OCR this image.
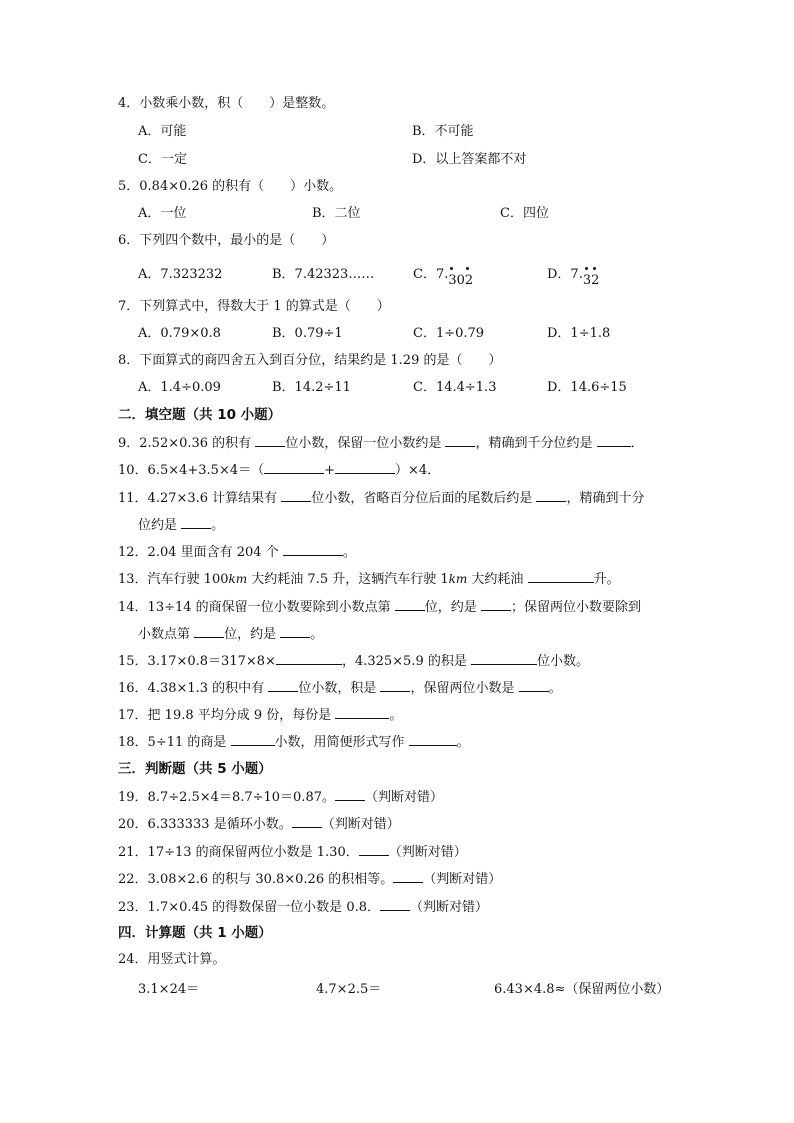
4．小数乘小数，积（　　）是整数。
A．可能	B．不可能
C．一定	D．以上答案都不对
5．0.84×0.26 的积有（　　）小数。
A．一位	B．二位	C．四位
6．下列四个数中，最小的是（　　）
A．7.323232	B．7.42323……	C．7.302	D．7.32
7．下列算式中，得数大于 1 的算式是（　　）
A．0.79×0.8	B．0.79÷1	C．1÷0.79	D．1÷1.8
8．下面算式的商四舍五入到百分位，结果约是 1.29 的是（　　）
A．1.4÷0.09	B．14.2÷11	C．14.4÷1.3	D．14.6÷15
二．填空题（共 10 小题）
9．2.52×0.36 的积有 位小数，保留一位小数约是 ，精确到千分位约是	．
10．6.5×4+3.5×4＝（	+	）×4．
11．4.27×3.6 计算结果有 位小数，省略百分位后面的尾数后约是 ，精确到十分
位约是 。
12．2.04 里面含有 204 个	。
13．汽车行驶 100km 大约耗油 7.5 升，这辆汽车行驶 1km 大约耗油	升。
14．13÷14 的商保留一位小数要除到小数点第 位，约是 ；保留两位小数要除到
小数点第 位，约是 。
15．3.17×0.8＝317×8×	，4.325×5.9 的积是	位小数。
16．4.38×1.3 的积中有 位小数，积是 ，保留两位小数是 。
17．把 19.8 平均分成 9 份，每份是	。
18．5÷11 的商是	小数，用简便形式写作	。
三．判断题（共 5 小题）
19．8.7÷2.5×4＝8.7÷10＝0.87。 （判断对错）
20．6.333333 是循环小数。 （判断对错）
21．17÷13 的商保留两位小数是 1.30． （判断对错）
22．3.08×2.6 的积与 30.8×0.26 的积相等。 （判断对错）
23．1.7×0.45 的得数保留一位小数是 0.8． （判断对错）
四．计算题（共 1 小题）
24．用竖式计算。
3.1×24＝	4.7×2.5＝	6.43×4.8≈（保留两位小数）
